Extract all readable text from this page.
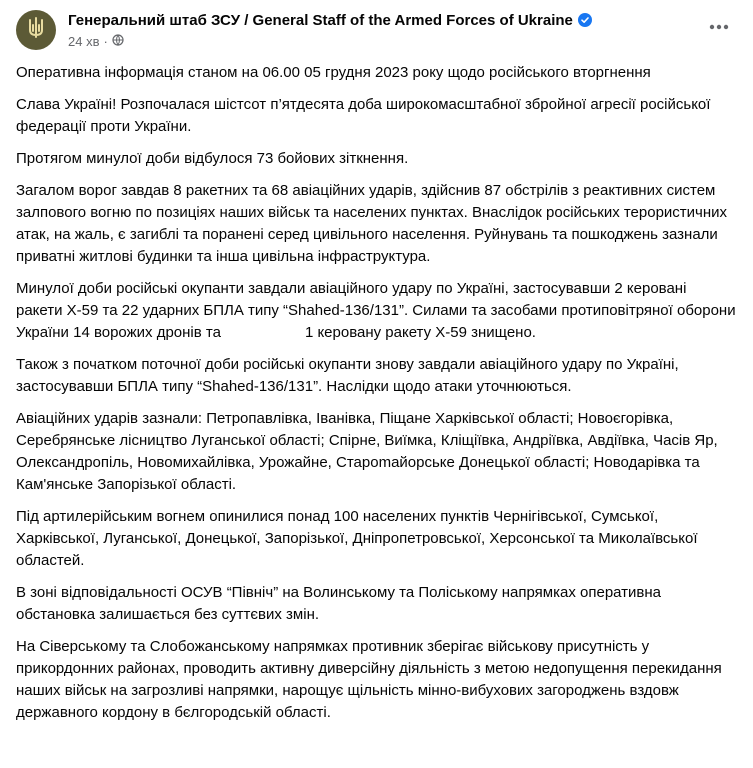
Генеральний штаб ЗСУ / General Staff of the Armed Forces of Ukraine
24 хв ·

Оперативна інформація станом на 06.00 05 грудня 2023 року щодо російського вторгнення

Слава Україні! Розпочалася шістсот п’ятдесята доба широкомасштабної збройної агресії російської федерації проти України.

Протягом минулої доби відбулося 73 бойових зіткнення.

Загалом ворог завдав 8 ракетних та 68 авіаційних ударів, здійснив 87 обстрілів з реактивних систем залпового вогню по позиціях наших військ та населених пунктах. Внаслідок російських терористичних атак, на жаль, є загиблі та поранені серед цивільного населення. Руйнувань та пошкоджень зазнали приватні житлові будинки та інша цивільна інфраструктура.

Минулої доби російські окупанти завдали авіаційного удару по Україні, застосувавши 2 керовані ракети Х-59 та 22 ударних БПЛА типу “Shahed-136/131”. Силами та засобами протиповітряної оборони України 14 ворожих дронів та	1 керовану ракету Х-59 знищено.

Також з початком поточної доби російські окупанти знову завдали авіаційного удару по Україні, застосувавши БПЛА типу “Shahed-136/131”. Наслідки щодо атаки уточнюються.

Авіаційних ударів зазнали: Петропавлівка, Іванівка, Піщане Харківської області; Новоєгорівка, Серебрянське лісництво Луганської області; Спірне, Виїмка, Кліщіївка, Андріївка, Авдіївка, Часів Яр, Олександропіль, Новомихайлівка, Урожайне, Староmaйорське Донецької області; Новодарівка та Кам'янське Запорізької області.

Під артилерійським вогнем опинилися понад 100 населених пунктів Чернігівської, Сумської, Харківської, Луганської, Донецької, Запорізької, Дніпропетровської, Херсонської та Миколаївської областей.

В зоні відповідальності ОСУВ “Північ” на Волинському та Поліському напрямках оперативна обстановка залишається без суттєвих змін.

На Сіверському та Слобожанському напрямках противник зберігає військову присутність у прикордонних районах, проводить активну диверсійну діяльність з метою недопущення перекидання наших військ на загрозливі напрямки, нарощує щільність мінно-вибухових загороджень вздовж державного кордону в бєлгородській області.
